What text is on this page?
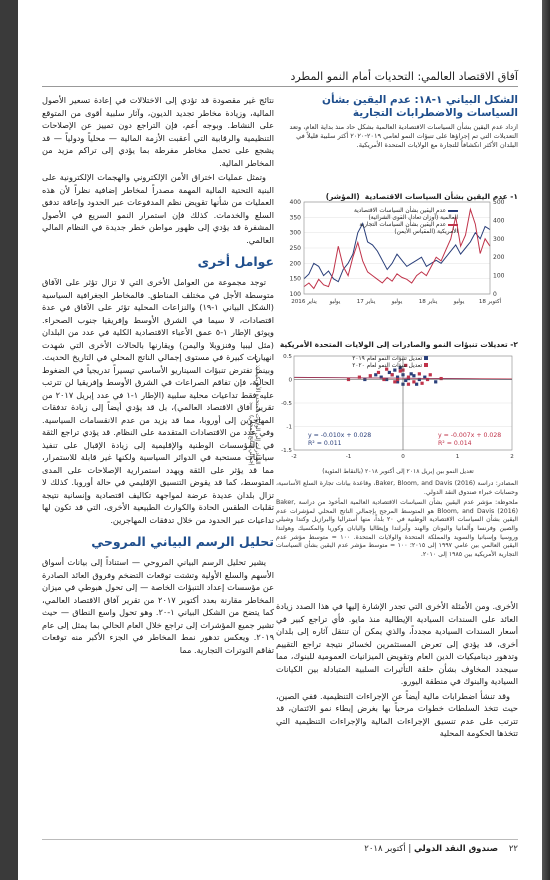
آفاق الاقتصاد العالمي: التحديات أمام النمو المطرد
الشكل البياني ١-١٨: عدم اليقين بشأن السياسات والاضطرابات التجارية
ازداد عدم اليقين بشأن السياسات الاقتصادية العالمية بشكل حاد منذ بداية العام، وتعد التعديلات التي تم إجراؤها على تنبؤات النمو لعامي ٢٠١٩-٢٠٢٠ أكثر سلبية قليلاً في البلدان الأكثر انكشافاً للتجارة مع الولايات المتحدة الأمريكية.
١- عدم اليقين بشأن السياسات الاقتصادية (المؤشر)
100
150
200
250
300
350
400
0
100
200
300
400
500
يناير 2016 يوليو	يناير 17	يوليو	يناير 18	يوليو	أكتوبر 18
عدم اليقين بشأن السياسات الاقتصادية العالمية (أوزان تعادل القوى الشرائية)
عدم اليقين بشأن السياسات التجارية الأمريكية (المقياس الأيمن)
٢- تعديلات تنبؤات النمو والصادرات إلى الولايات المتحدة الأمريكية
-1.5
-1
-0.5
0
0.5
-2	-1	0	1	2
تعديل تنبؤات النمو لعام ٢٠١٩
تعديل تنبؤات النمو لعام ٢٠٢٠
y = -0.010x + 0.028
R² = 0.011
y = -0.007x + 0.028
R² = 0.014
الصادرات إلى الولايات المتحدة الأمريكية (٪ من إجمالي الناتج المحلي)
تعديل النمو بين إبريل ٢٠١٨ إلى أكتوبر ٢٠١٨ (بالنقاط المئوية)
المصادر: دراسة Baker, Bloom, and Davis (2016)، وقاعدة بيانات تجارة السلع الأساسية، وحسابات خبراء صندوق النقد الدولي.
ملحوظة: مؤشر عدم اليقين بشأن السياسات الاقتصادية العالمية المأخوذ من دراسة Baker, Bloom, and Davis (2016) هو المتوسط المرجح بإجمالي الناتج المحلي لمؤشرات عدم اليقين بشأن السياسات الاقتصادية الوطنية في ٢٠ بلداً، منها أستراليا والبرازيل وكندا وشيلي والصين وفرنسا وألمانيا واليونان والهند وأيرلندا وإيطاليا واليابان وكوريا والمكسيك وهولندا وروسيا وإسبانيا والسويد والمملكة المتحدة والولايات المتحدة. ١٠٠ = متوسط مؤشر عدم اليقين العالمي بين عامي ١٩٩٧ إلى ٢٠١٥؛ ١٠٠ = متوسط مؤشر عدم اليقين بشأن السياسات التجارية الأمريكية بين ١٩٨٥ إلى ٢٠١٠.

الأخرى. ومن الأمثلة الأخرى التي تجدر الإشارة إليها في هذا الصدد زيادة العائد على السندات السيادية الإيطالية منذ مايو. فأي تراجع كبير في أسعار السندات السيادية مجدداً، والذي يمكن أن تنتقل آثاره إلى بلدان أخرى، قد يؤدي إلى تعرض المستثمرين لخسائر نتيجة تراجع التقييم وتدهور ديناميكيات الدين العام وتقويض الميزانيات العمومية للبنوك، مما سيجدد المخاوف بشأن حلقة التأثيرات السلبية المتبادلة بين الكيانات السيادية والبنوك في منطقة اليورو.

وقد تنشأ اضطرابات مالية أيضاً عن الإجراءات التنظيمية. ففي الصين، حيث تتخذ السلطات خطوات مرحباً بها بغرض إبطاء نمو الائتمان، قد تترتب على عدم تنسيق الإجراءات المالية والإجراءات التنظيمية التي تتخذها الحكومة المحلية

نتائج غير مقصودة قد تؤدي إلى الاختلالات في إعادة تسعير الأصول المالية، وزيادة مخاطر تجديد الديون، وآثار سلبية أقوى من المتوقع على النشاط. وبوجه أعم، فإن التراجع دون تمييز عن الإصلاحات التنظيمية والرقابية التي أعقبت الأزمة المالية — محلياً ودولياً — قد يشجع على تحمل مخاطر مفرطة بما يؤدي إلى تراكم مزيد من المخاطر المالية.

وتمثل عمليات اختراق الأمن الإلكتروني والهجمات الإلكترونية على البنية التحتية المالية المهمة مصدراً لمخاطر إضافية نظراً لأن هذه العمليات من شأنها تقويض نظم المدفوعات عبر الحدود وإعاقة تدفق السلع والخدمات. كذلك فإن استمرار النمو السريع في الأصول المشفرة قد يؤدي إلى ظهور مواطن خطر جديدة في النظام المالي العالمي.

عوامل أخرى

توجد مجموعة من العوامل الأخرى التي لا تزال تؤثر على الآفاق متوسطة الأجل في مختلف المناطق. فالمخاطر الجغرافية السياسية (الشكل البياني ١-١٩) والنزاعات المحلية تؤثر على الآفاق في عدة اقتصادات، لا سيما في الشرق الأوسط وإفريقيا جنوب الصحراء. ويوثق الإطار ١-٥ عمق الأعباء الاقتصادية الكلية في عدد من البلدان (مثل ليبيا وفنزويلا واليمن) ويقارنها بالحالات الأخرى التي شهدت انهيارات كبيرة في مستوى إجمالي الناتج المحلي في التاريخ الحديث. وبينما تفترض تنبؤات السيناريو الأساسي تيسيراً تدريجياً في الضغوط الحالية، فإن تفاقم الصراعات في الشرق الأوسط وإفريقيا لن تترتب عليه فقط تداعيات محلية سلبية (الإطار ١-١ في عدد إبريل ٢٠١٧ من تقرير آفاق الاقتصاد العالمي)، بل قد يؤدي أيضاً إلى زيادة تدفقات المهاجرين إلى أوروبا، مما قد يزيد من عدم الانقسامات السياسية. وفي عدد من الاقتصادات المتقدمة على النظام. قد يؤدي تراجع الثقة في المؤسسات الوطنية والإقليمية إلى زيادة الإقبال على تنفيذ سياسات مستحبة في الدوائر السياسية ولكنها غير قابلة للاستمرار، مما قد يؤثر على الثقة ويهدد استمرارية الإصلاحات على المدى المتوسط، كما قد يقوض التنسيق الإقليمي في حالة أوروبا. كذلك لا تزال بلدان عديدة عرضة لمواجهة تكاليف اقتصادية وإنسانية نتيجة تقلبات الطقس الحادة والكوارث الطبيعية الأخرى، التي قد تكون لها تداعيات عبر الحدود من خلال تدفقات المهاجرين.

تحليل الرسم البياني المروحي

يشير تحليل الرسم البياني المروحي — استناداً إلى بيانات أسواق الأسهم والسلع الأولية وتشتت توقعات التضخم وفروق العائد الصادرة عن مؤسسات إعداد التنبؤات الخاصة — إلى تحول هبوطي في ميزان المخاطر مقارنة بعدد أكتوبر ٢٠١٧ من تقرير آفاق الاقتصاد العالمي، كما يتضح من الشكل البياني ١-٢٠. وهو تحول واسع النطاق — حيث تشير جميع المؤشرات إلى تراجع خلال العام الحالي بما يمثل إلى عام ٢٠١٩. ويعكس تدهور نمط المخاطر في الجزء الأكبر منه توقعات تفاقم التوترات التجارية. مما

٢٢    صندوق النقد الدولي | أكتوبر ٢٠١٨
